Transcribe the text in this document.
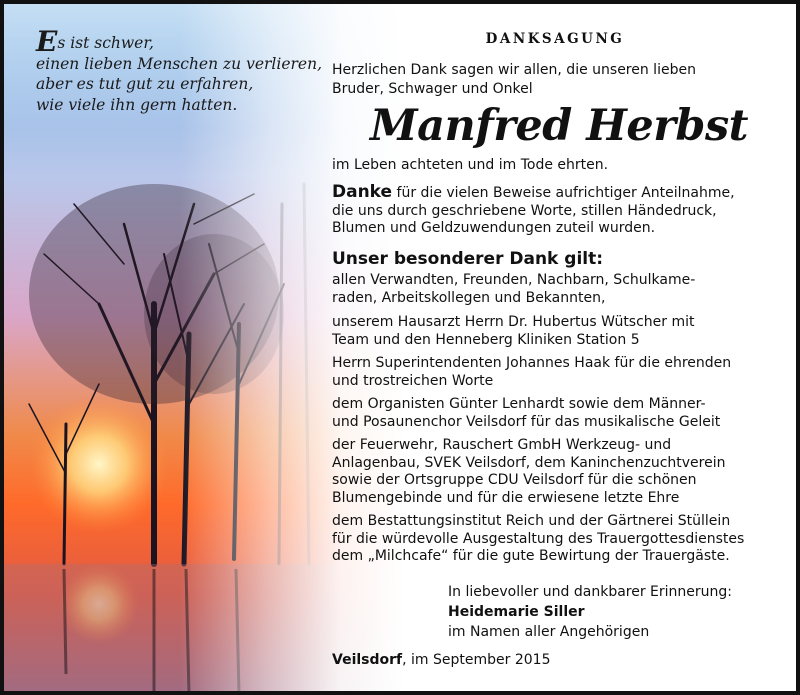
Es ist schwer,
einen lieben Menschen zu verlieren,
aber es tut gut zu erfahren,
wie viele ihn gern hatten.
DANKSAGUNG
Herzlichen Dank sagen wir allen, die unseren lieben
Bruder, Schwager und Onkel
Manfred Herbst
im Leben achteten und im Tode ehrten.
Danke für die vielen Beweise aufrichtiger Anteilnahme,
die uns durch geschriebene Worte, stillen Händedruck,
Blumen und Geldzuwendungen zuteil wurden.
Unser besonderer Dank gilt:
allen Verwandten, Freunden, Nachbarn, Schulkame-
raden, Arbeitskollegen und Bekannten,
unserem Hausarzt Herrn Dr. Hubertus Wütscher mit
Team und den Henneberg Kliniken Station 5
Herrn Superintendenten Johannes Haak für die ehrenden
und trostreichen Worte
dem Organisten Günter Lenhardt sowie dem Männer-
und Posaunenchor Veilsdorf für das musikalische Geleit
der Feuerwehr, Rauschert GmbH Werkzeug- und
Anlagenbau, SVEK Veilsdorf, dem Kaninchenzuchtverein
sowie der Ortsgruppe CDU Veilsdorf für die schönen
Blumengebinde und für die erwiesene letzte Ehre
dem Bestattungsinstitut Reich und der Gärtnerei Stüllein
für die würdevolle Ausgestaltung des Trauergottesdienstes
dem „Milchcafe“ für die gute Bewirtung der Trauergäste.
In liebevoller und dankbarer Erinnerung:
Heidemarie Siller
im Namen aller Angehörigen
Veilsdorf, im September 2015
